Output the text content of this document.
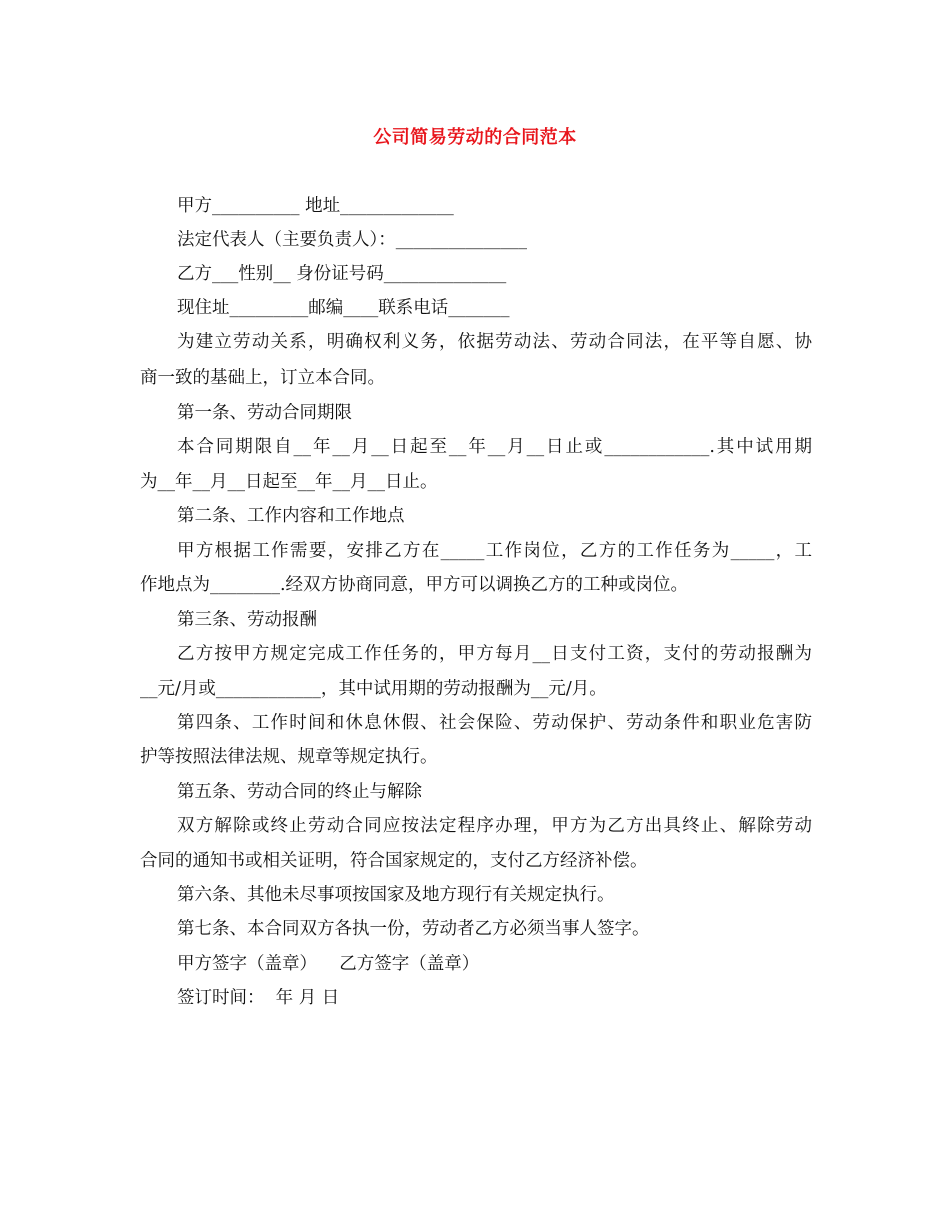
公司简易劳动的合同范本
甲方__________ 地址_____________
法定代表人（主要负责人）：_______________
乙方___性别__ 身份证号码______________
现住址_________邮编____联系电话_______
为建立劳动关系，明确权利义务，依据劳动法、劳动合同法，在平等自愿、协
商一致的基础上，订立本合同。
第一条、劳动合同期限
本合同期限自__年__月__日起至__年__月__日止或____________.其中试用期
为__年__月__日起至__年__月__日止。
第二条、工作内容和工作地点
甲方根据工作需要，安排乙方在_____工作岗位，乙方的工作任务为_____，工
作地点为________.经双方协商同意，甲方可以调换乙方的工种或岗位。
第三条、劳动报酬
乙方按甲方规定完成工作任务的，甲方每月__日支付工资，支付的劳动报酬为
__元/月或____________，其中试用期的劳动报酬为__元/月。
第四条、工作时间和休息休假、社会保险、劳动保护、劳动条件和职业危害防
护等按照法律法规、规章等规定执行。
第五条、劳动合同的终止与解除
双方解除或终止劳动合同应按法定程序办理，甲方为乙方出具终止、解除劳动
合同的通知书或相关证明，符合国家规定的，支付乙方经济补偿。
第六条、其他未尽事项按国家及地方现行有关规定执行。
第七条、本合同双方各执一份，劳动者乙方必须当事人签字。
甲方签字（盖章）    乙方签字（盖章）
签订时间：  年 月 日
